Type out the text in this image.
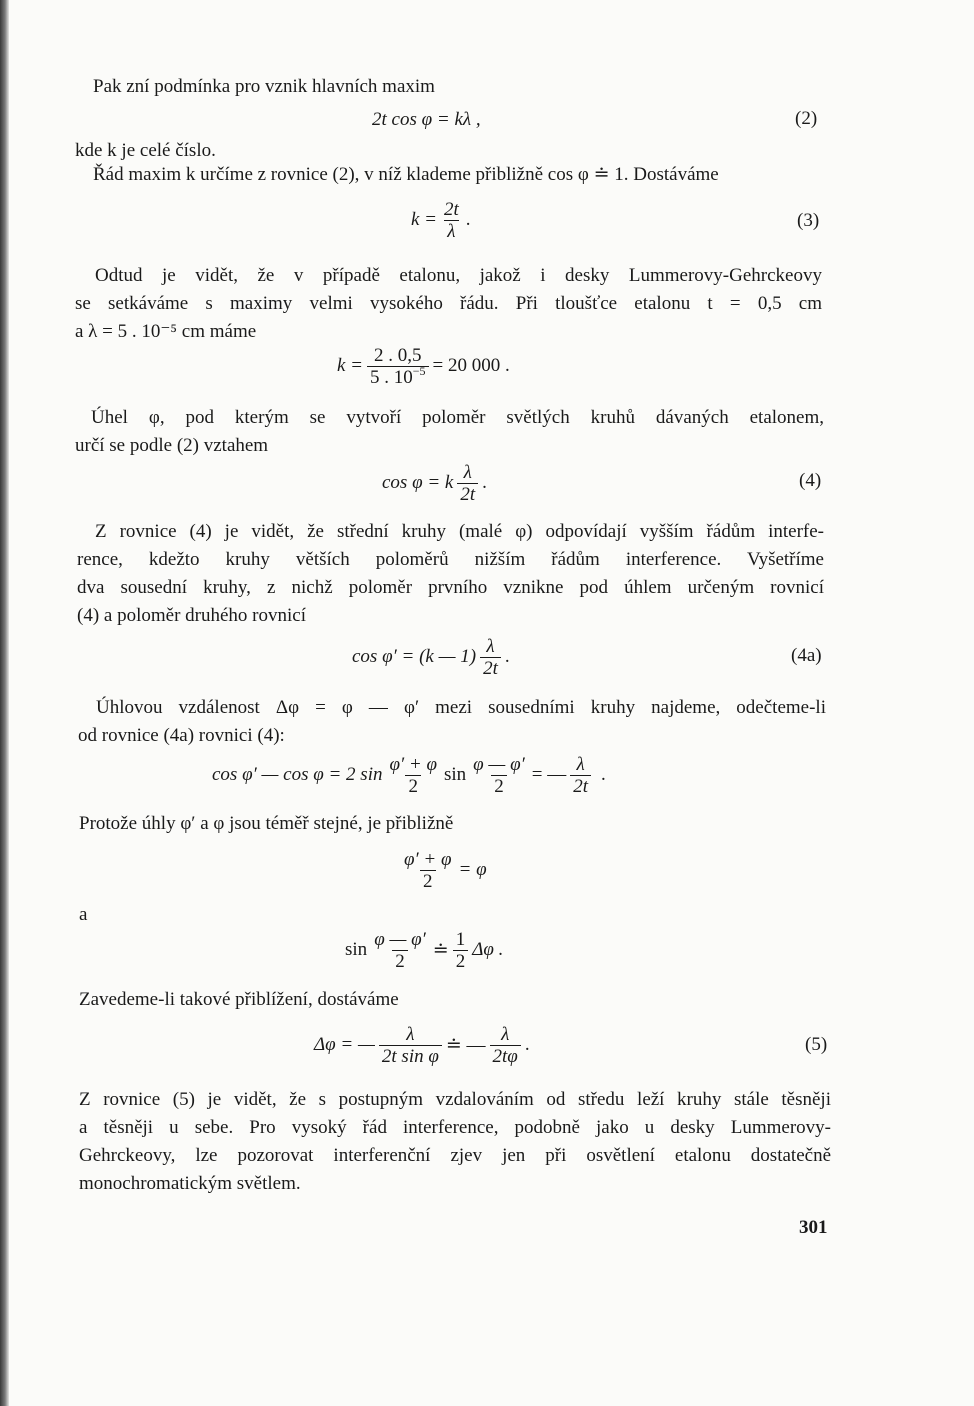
Pak zní podmínka pro vznik hlavních maxim

2t cos φ = kλ ,	(2)

kde k je celé číslo.

Řád maxim k určíme z rovnice (2), v níž klademe přibližně cos φ ≐ 1. Dostáváme

$k = \frac{2t}{\lambda}$ .	(3)
Odtud je vidět, že v případě etalonu, jakož i desky Lummerovy-Gehrckeovy
se setkáváme s maximy velmi vysokého řádu. Při tloušťce etalonu t = 0,5 cm
a λ = 5 . 10⁻⁵ cm máme
$k = \frac{2 . 0,5}{5 . 10^{-5}} = 20$ 000 .
Úhel φ, pod kterým se vytvoří poloměr světlých kruhů dávaných etalonem,
určí se podle (2) vztahem
cos φ = k $\frac{\lambda}{2t}$ .	(4)
Z rovnice (4) je vidět, že střední kruhy (malé φ) odpovídají vyšším řádům interfe-
rence, kdežto kruhy větších poloměrů nižším řádům interference. Vyšetříme
dva sousední kruhy, z nichž poloměr prvního vznikne pod úhlem určeným rovnicí
(4) a poloměr druhého rovnicí
cos φ′ = (k — $1) \frac{\lambda}{2t}$ .	(4a)
Úhlovou vzdálenost Δφ = φ — φ′ mezi sousedními kruhy najdeme, odečteme-li
od rovnice (4a) rovnici (4):
cos φ′ — cos φ = 2 $\sin \frac{\varphi' + \varphi}{2}$ $\sin \frac{\varphi — \varphi'}{2}$ = — $\frac{\lambda}{2t}$ .

Protože úhly φ′ a φ jsou téměř stejné, je přibližně

$\frac{\varphi' + \varphi}{2} = \varphi$

a

$\sin \frac{\varphi — \varphi'}{2}$ ≐ $\frac{1}{2}$ Δφ .

Zavedeme-li takové přiblížení, dostáváme

Δφ = — $\frac{\lambda}{\text{2t sin φ}}$ ≐ — $\frac{\lambda}{2t\varphi}$ .	(5)
Z rovnice (5) je vidět, že s postupným vzdalováním od středu leží kruhy stále těsněji
a těsněji u sebe. Pro vysoký řád interference, podobně jako u desky Lummerovy-
Gehrckeovy, lze pozorovat interferenční zjev jen při osvětlení etalonu dostatečně
monochromatickým světlem.
301
